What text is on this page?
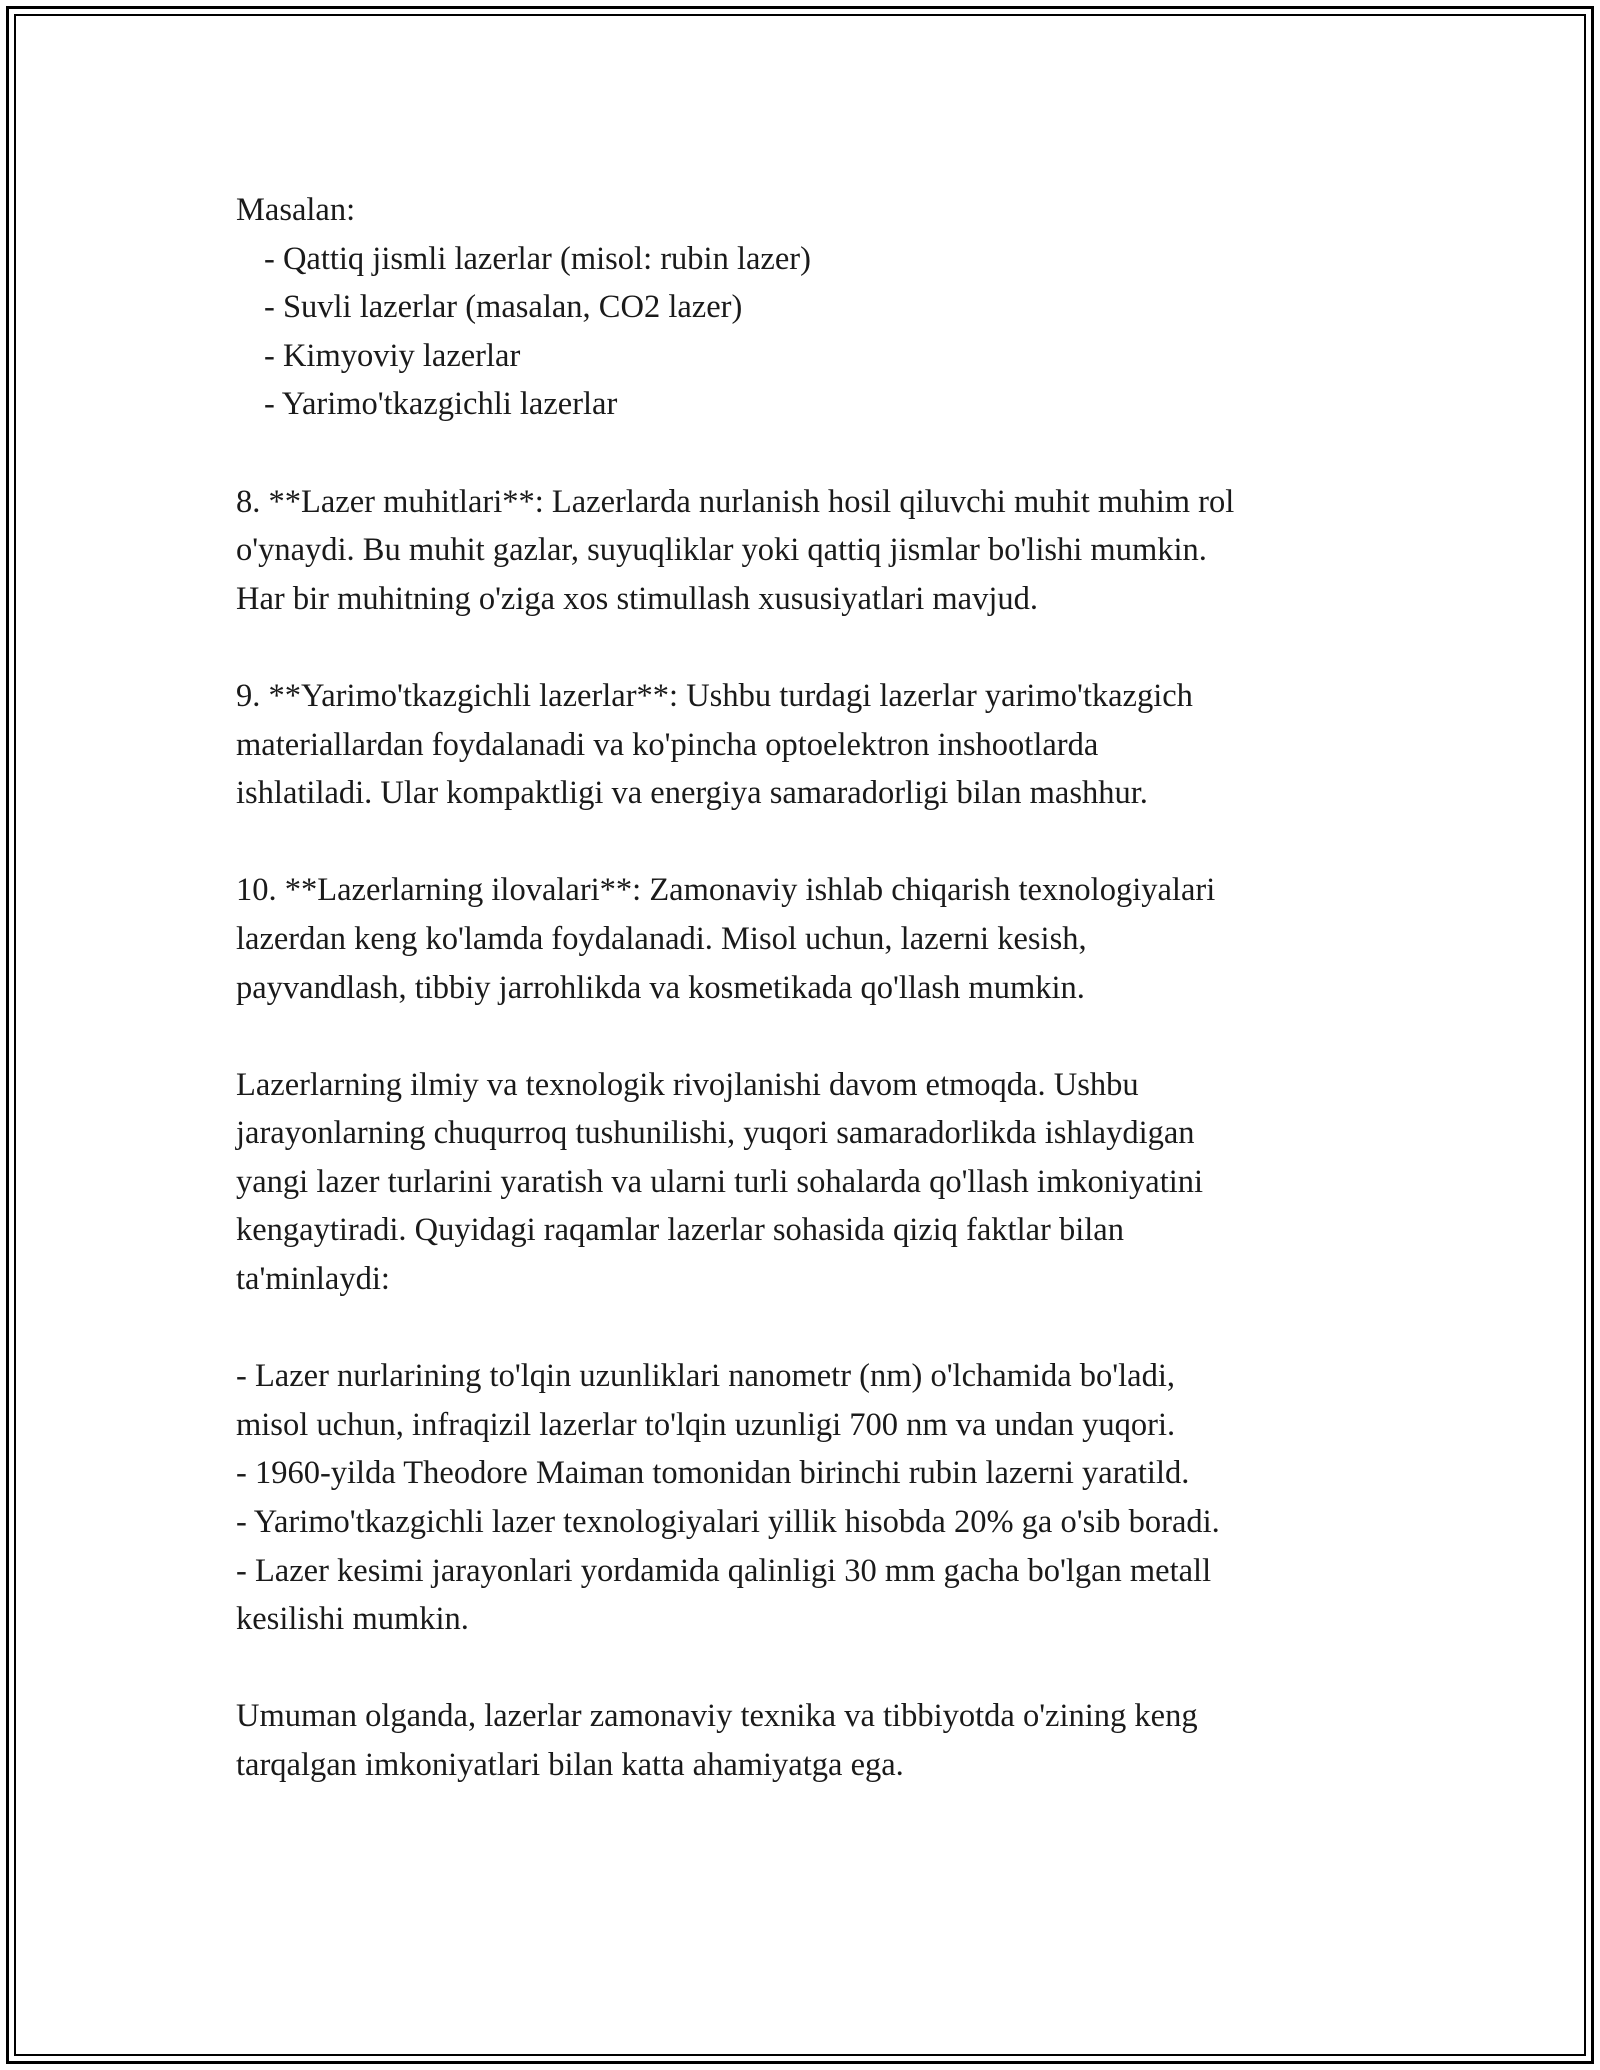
Masalan:
- Qattiq jismli lazerlar (misol: rubin lazer)
- Suvli lazerlar (masalan, CO2 lazer)
- Kimyoviy lazerlar
- Yarimo'tkazgichli lazerlar
8. **Lazer muhitlari**: Lazerlarda nurlanish hosil qiluvchi muhit muhim rol
o'ynaydi. Bu muhit gazlar, suyuqliklar yoki qattiq jismlar bo'lishi mumkin.
Har bir muhitning o'ziga xos stimullash xususiyatlari mavjud.
9. **Yarimo'tkazgichli lazerlar**: Ushbu turdagi lazerlar yarimo'tkazgich
materiallardan foydalanadi va ko'pincha optoelektron inshootlarda
ishlatiladi. Ular kompaktligi va energiya samaradorligi bilan mashhur.
10. **Lazerlarning ilovalari**: Zamonaviy ishlab chiqarish texnologiyalari
lazerdan keng ko'lamda foydalanadi. Misol uchun, lazerni kesish,
payvandlash, tibbiy jarrohlikda va kosmetikada qo'llash mumkin.
Lazerlarning ilmiy va texnologik rivojlanishi davom etmoqda. Ushbu
jarayonlarning chuqurroq tushunilishi, yuqori samaradorlikda ishlaydigan
yangi lazer turlarini yaratish va ularni turli sohalarda qo'llash imkoniyatini
kengaytiradi. Quyidagi raqamlar lazerlar sohasida qiziq faktlar bilan
ta'minlaydi:
- Lazer nurlarining to'lqin uzunliklari nanometr (nm) o'lchamida bo'ladi,
misol uchun, infraqizil lazerlar to'lqin uzunligi 700 nm va undan yuqori.
- 1960-yilda Theodore Maiman tomonidan birinchi rubin lazerni yaratild.
- Yarimo'tkazgichli lazer texnologiyalari yillik hisobda 20% ga o'sib boradi.
- Lazer kesimi jarayonlari yordamida qalinligi 30 mm gacha bo'lgan metall
kesilishi mumkin.
Umuman olganda, lazerlar zamonaviy texnika va tibbiyotda o'zining keng
tarqalgan imkoniyatlari bilan katta ahamiyatga ega.
